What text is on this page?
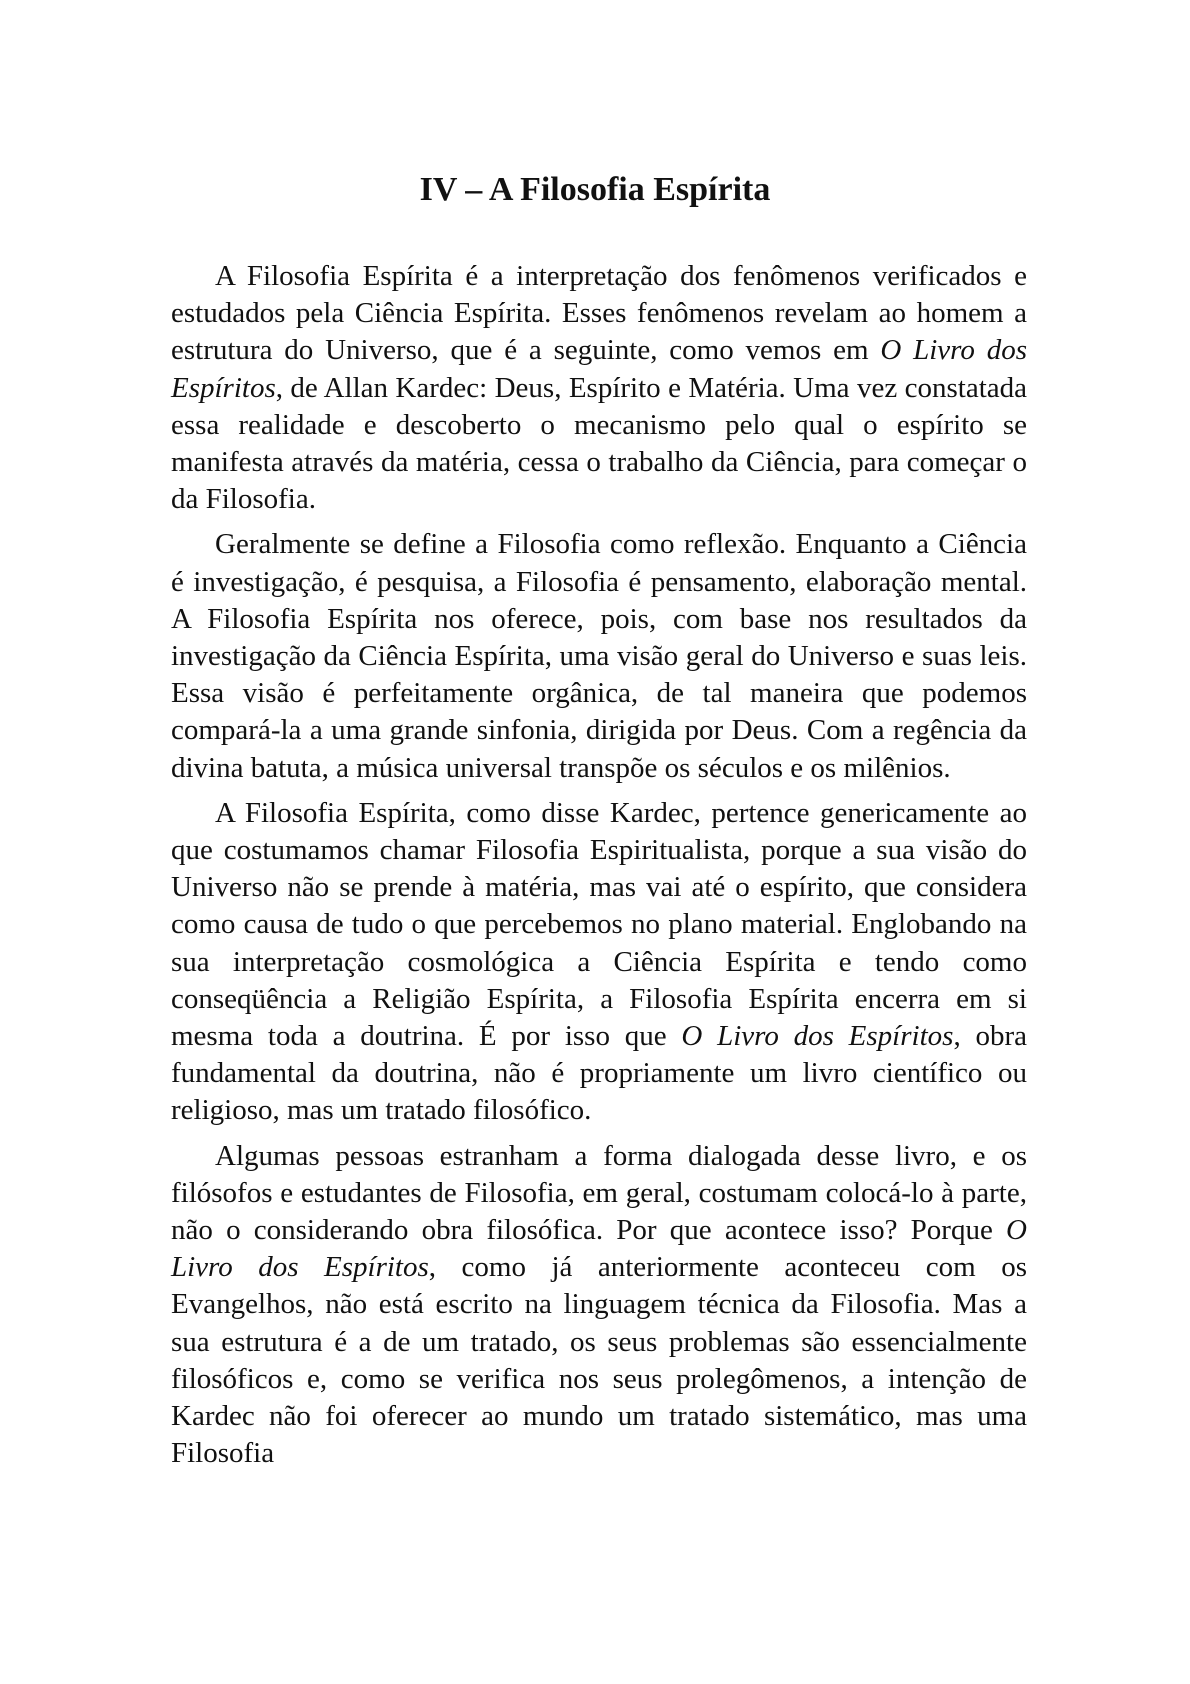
IV – A Filosofia Espírita

A Filosofia Espírita é a interpretação dos fenômenos verificados e estudados pela Ciência Espírita. Esses fenômenos revelam ao homem a estrutura do Universo, que é a seguinte, como vemos em O Livro dos Espíritos, de Allan Kardec: Deus, Espírito e Matéria. Uma vez constatada essa realidade e descoberto o mecanismo pelo qual o espírito se manifesta através da matéria, cessa o trabalho da Ciência, para começar o da Filosofia.

Geralmente se define a Filosofia como reflexão. Enquanto a Ciência é investigação, é pesquisa, a Filosofia é pensamento, elaboração mental. A Filosofia Espírita nos oferece, pois, com base nos resultados da investigação da Ciência Espírita, uma visão geral do Universo e suas leis. Essa visão é perfeitamente orgânica, de tal maneira que podemos compará-la a uma grande sinfonia, dirigida por Deus. Com a regência da divina batuta, a música universal transpõe os séculos e os milênios.

A Filosofia Espírita, como disse Kardec, pertence genericamente ao que costumamos chamar Filosofia Espiritualista, porque a sua visão do Universo não se prende à matéria, mas vai até o espírito, que considera como causa de tudo o que percebemos no plano material. Englobando na sua interpretação cosmológica a Ciência Espírita e tendo como conseqüência a Religião Espírita, a Filosofia Espírita encerra em si mesma toda a doutrina. É por isso que O Livro dos Espíritos, obra fundamental da doutrina, não é propriamente um livro científico ou religioso, mas um tratado filosófico.

Algumas pessoas estranham a forma dialogada desse livro, e os filósofos e estudantes de Filosofia, em geral, costumam colocá-lo à parte, não o considerando obra filosófica. Por que acontece isso? Porque O Livro dos Espíritos, como já anteriormente aconteceu com os Evangelhos, não está escrito na linguagem técnica da Filosofia. Mas a sua estrutura é a de um tratado, os seus problemas são essencialmente filosóficos e, como se verifica nos seus prolegômenos, a intenção de Kardec não foi oferecer ao mundo um tratado sistemático, mas uma Filosofia
